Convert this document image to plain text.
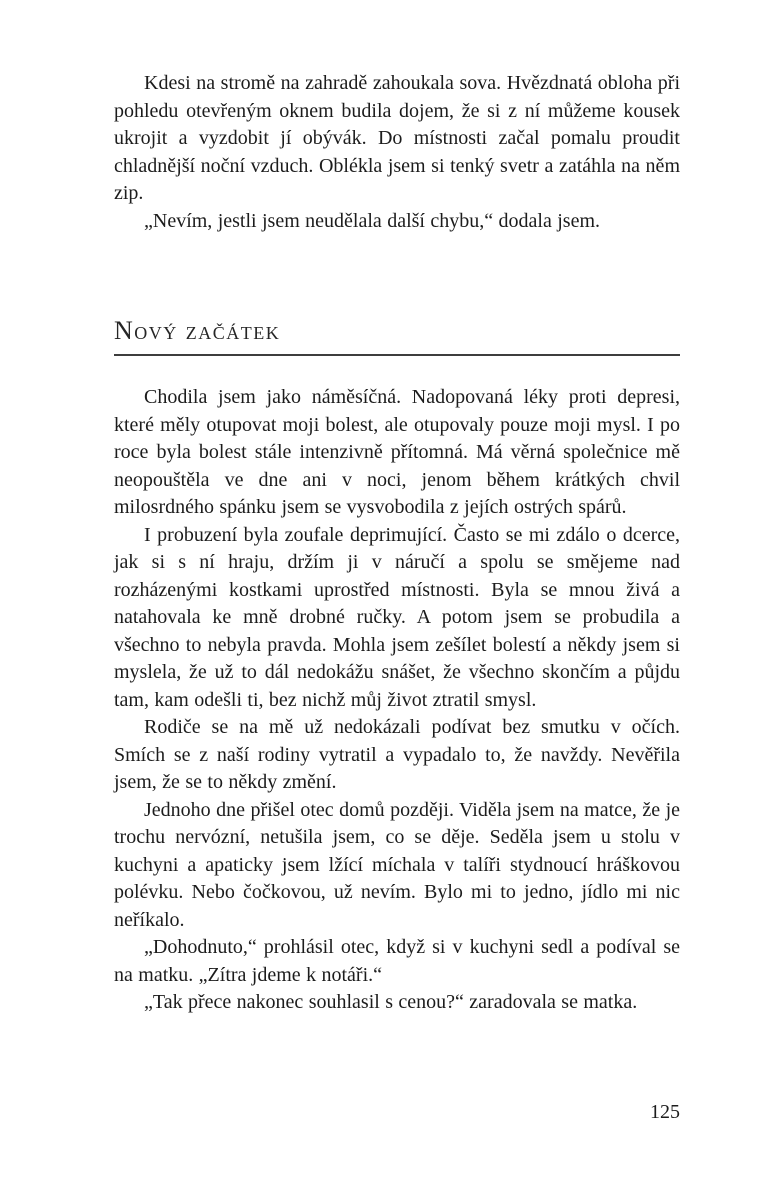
Kdesi na stromě na zahradě zahoukala sova. Hvězdnatá obloha při pohledu otevřeným oknem budila dojem, že si z ní můžeme kousek ukrojit a vyzdobit jí obývák. Do místnosti začal pomalu proudit chladnější noční vzduch. Oblékla jsem si tenký svetr a zatáhla na něm zip.

„Nevím, jestli jsem neudělala další chybu,“ dodala jsem.

Nový začátek

Chodila jsem jako náměsíčná. Nadopovaná léky proti depresi, které měly otupovat moji bolest, ale otupovaly pouze moji mysl. I po roce byla bolest stále intenzivně přítomná. Má věrná společnice mě neopouštěla ve dne ani v noci, jenom během krátkých chvil milosrdného spánku jsem se vysvobodila z jejích ostrých spárů.

I probuzení byla zoufale deprimující. Často se mi zdálo o dcerce, jak si s ní hraju, držím ji v náručí a spolu se smějeme nad rozházenými kostkami uprostřed místnosti. Byla se mnou živá a natahovala ke mně drobné ručky. A potom jsem se probudila a všechno to nebyla pravda. Mohla jsem zešílet bolestí a někdy jsem si myslela, že už to dál nedokážu snášet, že všechno skončím a půjdu tam, kam odešli ti, bez nichž můj život ztratil smysl.

Rodiče se na mě už nedokázali podívat bez smutku v očích. Smích se z naší rodiny vytratil a vypadalo to, že navždy. Nevěřila jsem, že se to někdy změní.

Jednoho dne přišel otec domů později. Viděla jsem na matce, že je trochu nervózní, netušila jsem, co se děje. Seděla jsem u stolu v kuchyni a apaticky jsem lžící míchala v talíři stydnoucí hráškovou polévku. Nebo čočkovou, už nevím. Bylo mi to jedno, jídlo mi nic neříkalo.

„Dohodnuto,“ prohlásil otec, když si v kuchyni sedl a podíval se na matku. „Zítra jdeme k notáři.“

„Tak přece nakonec souhlasil s cenou?“ zaradovala se matka.

125
